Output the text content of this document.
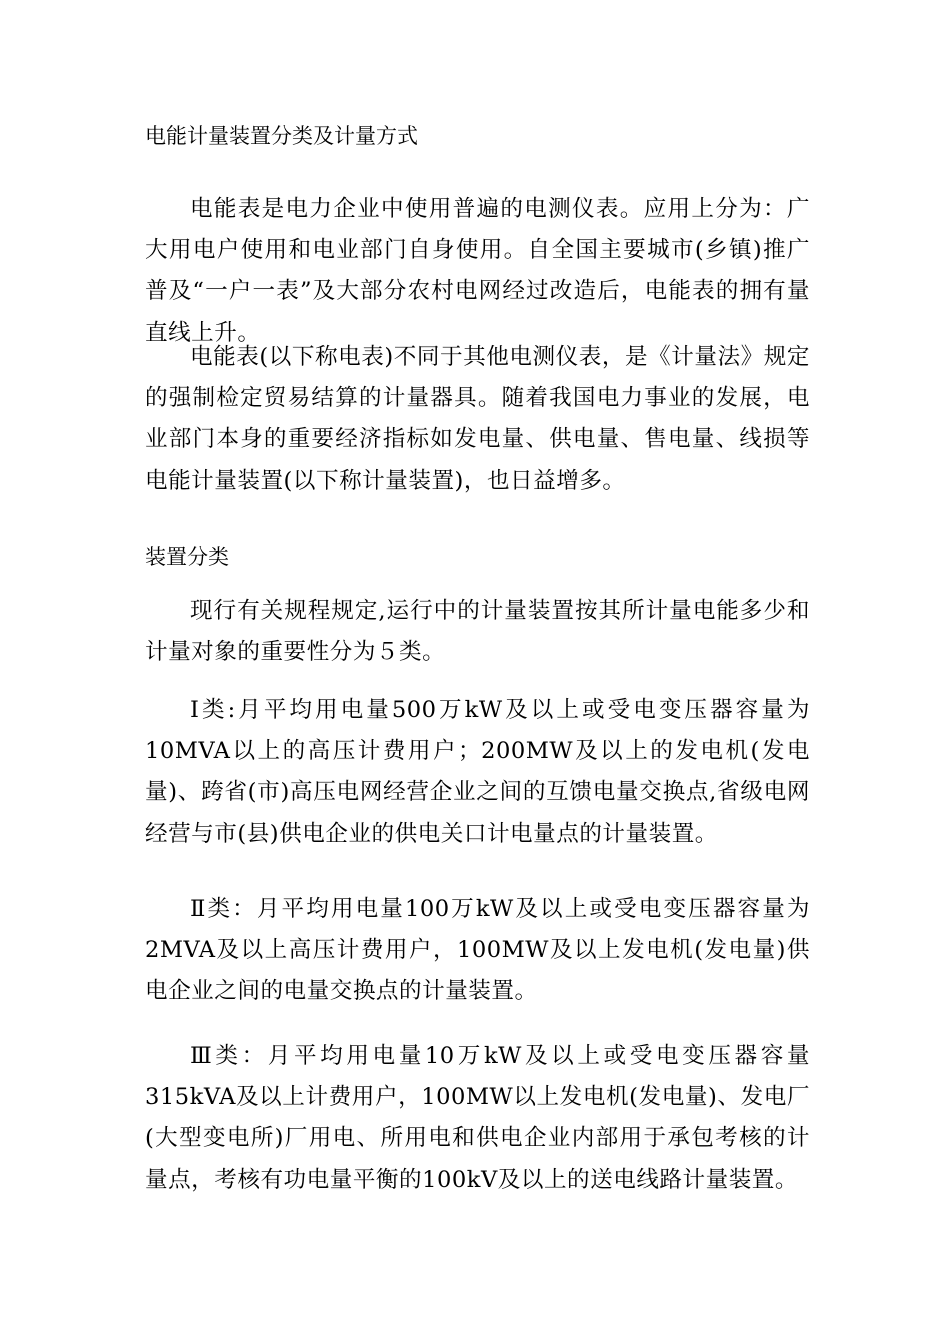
电能计量装置分类及计量方式

电能表是电力企业中使用普遍的电测仪表。应用上分为：广大用电户使用和电业部门自身使用。自全国主要城市(乡镇)推广普及“一户一表”及大部分农村电网经过改造后，电能表的拥有量直线上升。

电能表(以下称电表)不同于其他电测仪表，是《计量法》规定的强制检定贸易结算的计量器具。随着我国电力事业的发展，电业部门本身的重要经济指标如发电量、供电量、售电量、线损等电能计量装置(以下称计量装置)，也日益增多。

装置分类

现行有关规程规定,运行中的计量装置按其所计量电能多少和计量对象的重要性分为５类。

Ⅰ类:月平均用电量500万kW及以上或受电变压器容量为10MVA以上的高压计费用户；200MW及以上的发电机(发电量)、跨省(市)高压电网经营企业之间的互馈电量交换点,省级电网经营与市(县)供电企业的供电关口计电量点的计量装置。

Ⅱ类：月平均用电量100万kW及以上或受电变压器容量为2MVA及以上高压计费用户，100MW及以上发电机(发电量)供电企业之间的电量交换点的计量装置。

Ⅲ类：月平均用电量10万kW及以上或受电变压器容量315kVA及以上计费用户，100MW以上发电机(发电量)、发电厂(大型变电所)厂用电、所用电和供电企业内部用于承包考核的计量点，考核有功电量平衡的100kV及以上的送电线路计量装置。
